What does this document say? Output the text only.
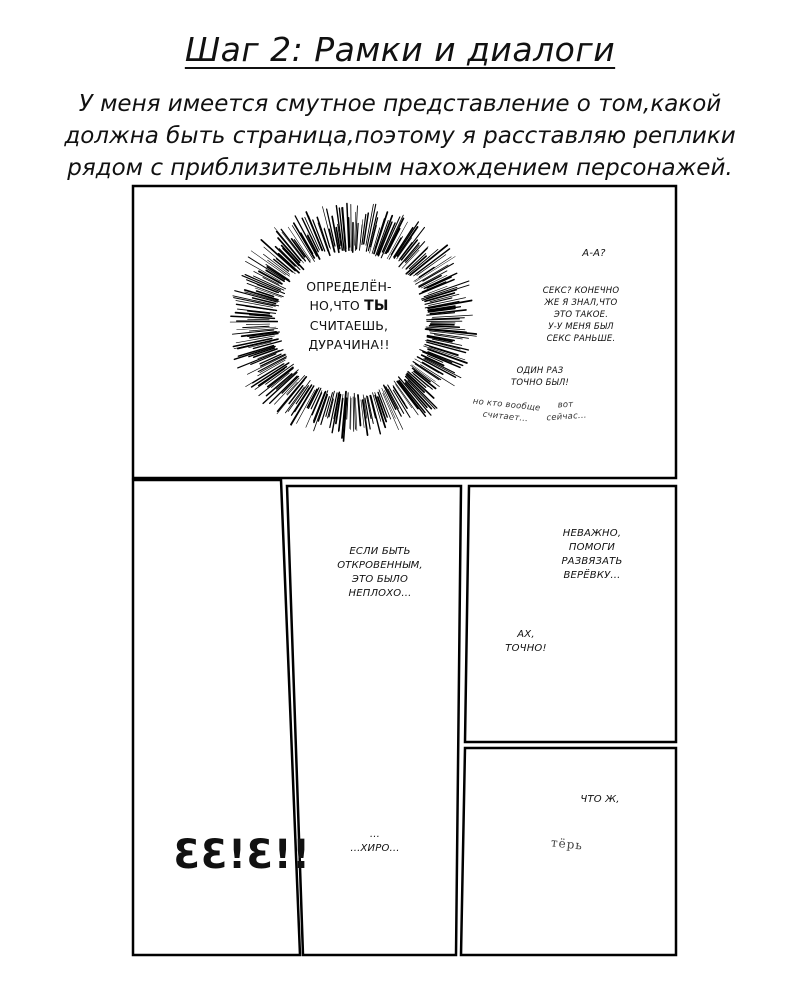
Шаг 2: Рамки и диалоги
У меня имеется смутное представление о том,какой
должна быть страница,поэтому я расставляю реплики
рядом с приблизительным нахождением персонажей.
ОПРЕДЕЛЁН-
НО,ЧТО ТЫ
СЧИТАЕШЬ,
ДУРАЧИНА!!
А-А?
СЕКС? КОНЕЧНО
ЖЕ Я ЗНАЛ,ЧТО
ЭТО ТАКОЕ.
У-У МЕНЯ БЫЛ
СЕКС РАНЬШЕ.
ОДИН РАЗ
ТОЧНО БЫЛ!
но кто вообще
считает...
вот
сейчас...
ЕСЛИ БЫТЬ
ОТКРОВЕННЫМ,
ЭТО БЫЛО
НЕПЛОХО...
...
...ХИРО...
НЕВАЖНО,
ПОМОГИ
РАЗВЯЗАТЬ
ВЕРЁВКУ...
АХ,
ТОЧНО!
ЧТО Ж,
тёрь
ƐƐ!Ɛ!!
